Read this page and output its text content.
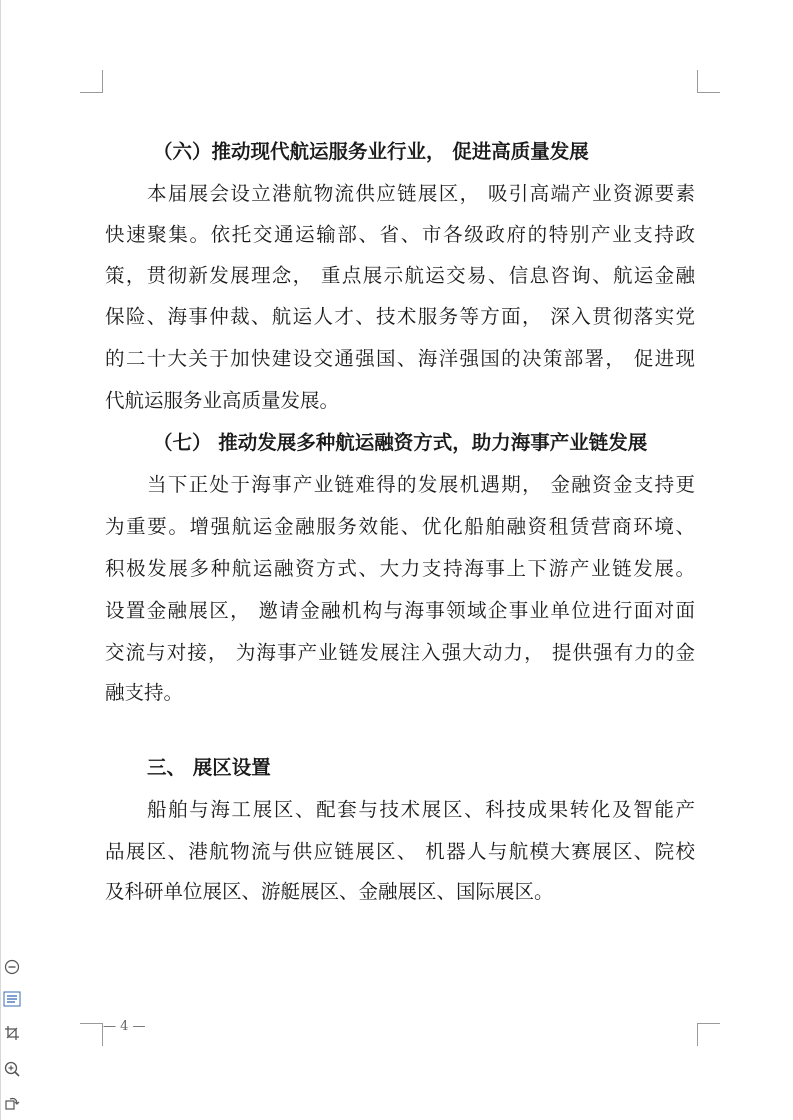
（六）推动现代航运服务业行业， 促进高质量发展
本届展会设立港航物流供应链展区， 吸引高端产业资源要素
快速聚集。依托交通运输部、省、市各级政府的特别产业支持政
策，贯彻新发展理念， 重点展示航运交易、信息咨询、航运金融
保险、海事仲裁、航运人才、技术服务等方面， 深入贯彻落实党
的二十大关于加快建设交通强国、海洋强国的决策部署， 促进现
代航运服务业高质量发展。
（七） 推动发展多种航运融资方式，助力海事产业链发展
当下正处于海事产业链难得的发展机遇期， 金融资金支持更
为重要。增强航运金融服务效能、优化船舶融资租赁营商环境、
积极发展多种航运融资方式、大力支持海事上下游产业链发展。
设置金融展区， 邀请金融机构与海事领域企事业单位进行面对面
交流与对接， 为海事产业链发展注入强大动力， 提供强有力的金
融支持。
三、 展区设置
船舶与海工展区、配套与技术展区、科技成果转化及智能产
品展区、港航物流与供应链展区、 机器人与航模大赛展区、院校
及科研单位展区、游艇展区、金融展区、国际展区。
— 4 —
